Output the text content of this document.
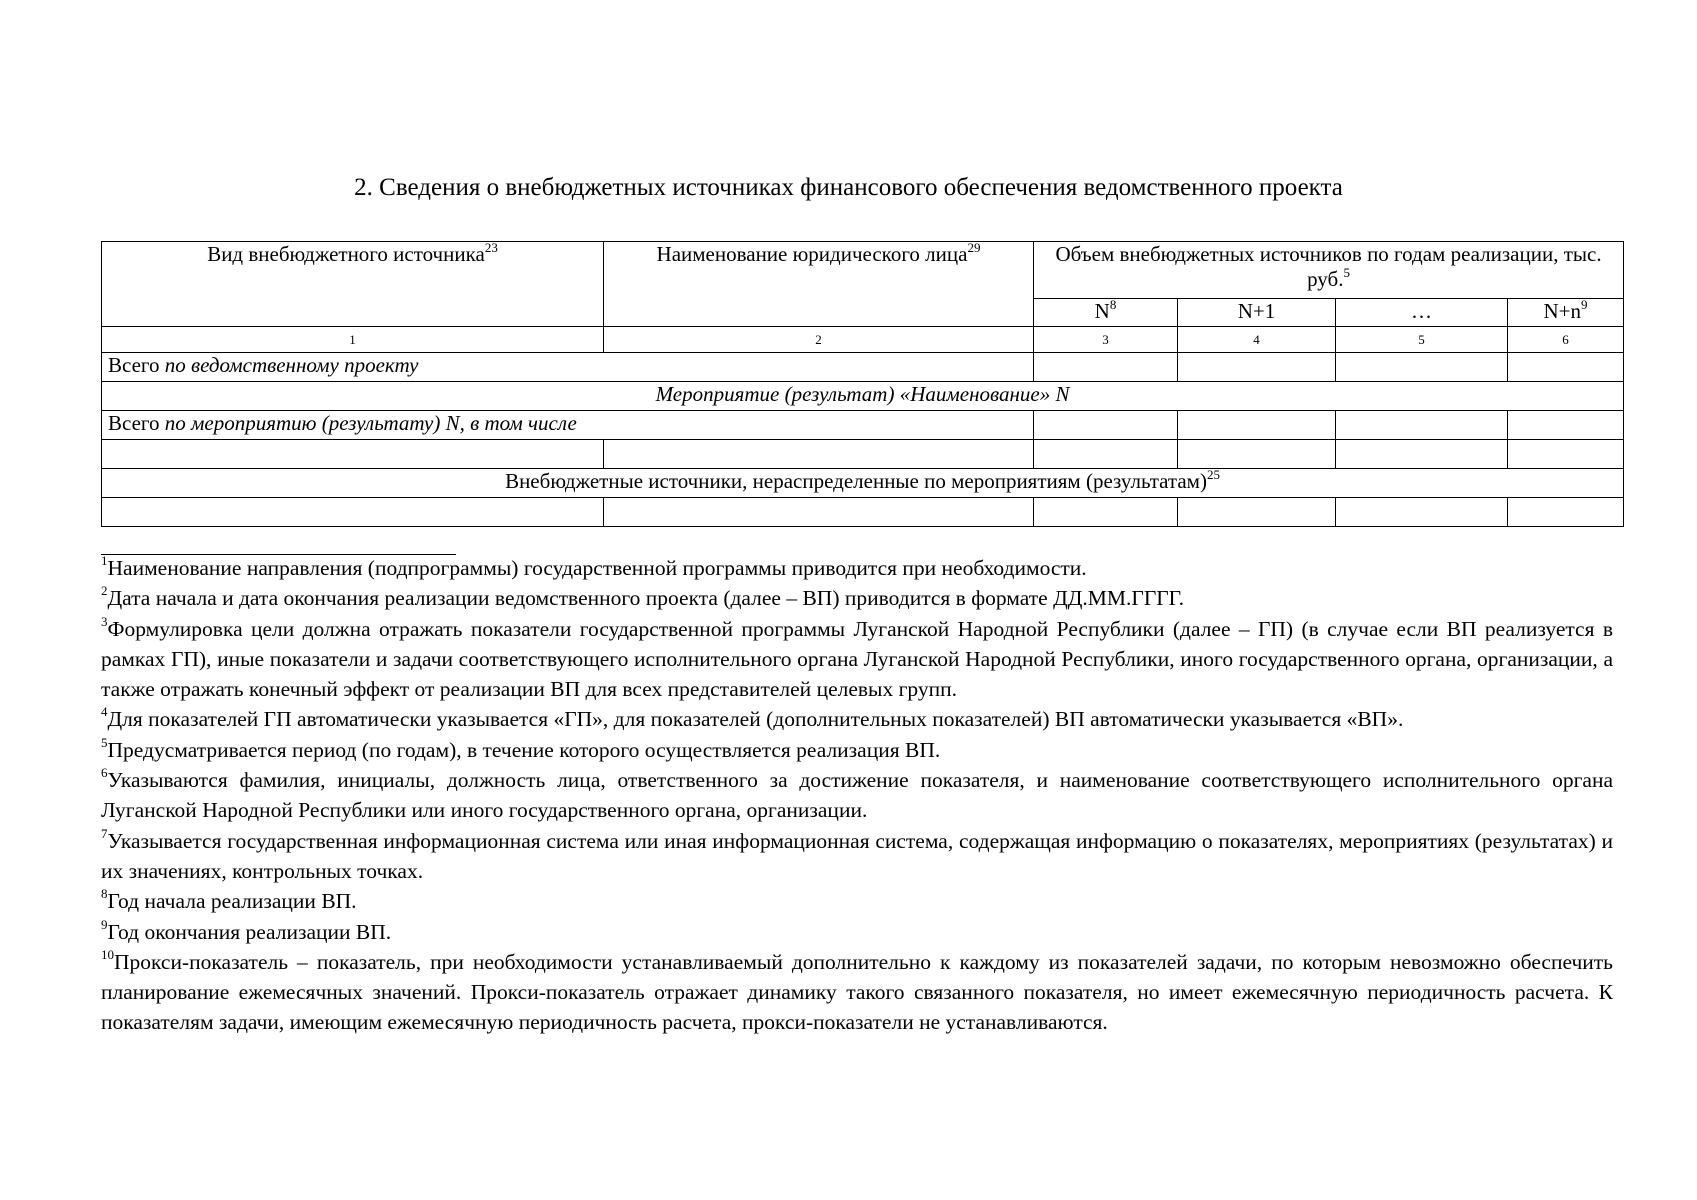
2. Сведения о внебюджетных источниках финансового обеспечения ведомственного проекта
Вид внебюджетного источника$^{23}$	Наименование юридического лица$^{29}$	Объем внебюджетных источников по годам реализации, тыс. руб.$^5$
		$N^8$	N+1	…	$N+n^9$
1	2	3	4	5	6
Всего по ведомственному проекту					
Мероприятие (результат) «Наименование» N					
Всего по мероприятию (результату) N, в том числе					

Внебюджетные источники, нераспределенные по мероприятиям (результатам)$^{25}$

$^1$Наименование направления (подпрограммы) государственной программы приводится при необходимости.

$^2$Дата начала и дата окончания реализации ведомственного проекта (далее – ВП) приводится в формате ДД.ММ.ГГГГ.

$^3$Формулировка цели должна отражать показатели государственной программы Луганской Народной Республики (далее – ГП) (в случае если ВП реализуется в рамках ГП), иные показатели и задачи соответствующего исполнительного органа Луганской Народной Республики, иного государственного органа, организации, а также отражать конечный эффект от реализации ВП для всех представителей целевых групп.

$^4$Для показателей ГП автоматически указывается «ГП», для показателей (дополнительных показателей) ВП автоматически указывается «ВП».

$^5$Предусматривается период (по годам), в течение которого осуществляется реализация ВП.

$^6$Указываются фамилия, инициалы, должность лица, ответственного за достижение показателя, и наименование соответствующего исполнительного органа Луганской Народной Республики или иного государственного органа, организации.

$^7$Указывается государственная информационная система или иная информационная система, содержащая информацию о показателях, мероприятиях (результатах) и их значениях, контрольных точках.

$^8$Год начала реализации ВП.

$^9$Год окончания реализации ВП.

$^{10}$Прокси-показатель – показатель, при необходимости устанавливаемый дополнительно к каждому из показателей задачи, по которым невозможно обеспечить планирование ежемесячных значений. Прокси-показатель отражает динамику такого связанного показателя, но имеет ежемесячную периодичность расчета. К показателям задачи, имеющим ежемесячную периодичность расчета, прокси-показатели не устанавливаются.
